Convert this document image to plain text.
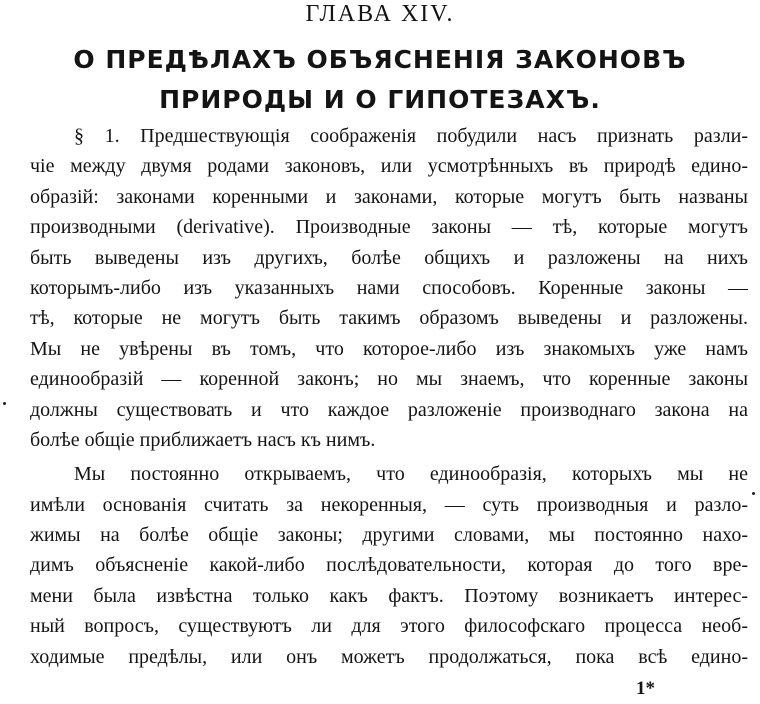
ГЛАВА XIV.
О ПРЕДѢЛАХЪ ОБЪЯСНЕНІЯ ЗАКОНОВЪ
ПРИРОДЫ И О ГИПОТЕЗАХЪ.
§ 1. Предшествующія соображенія побудили насъ признать разли-
чіе между двумя родами законовъ, или усмотрѣнныхъ въ природѣ едино-
образій: законами коренными и законами, которые могутъ быть названы
производными (derivative). Производные законы — тѣ, которые могутъ
быть выведены изъ другихъ, болѣе общихъ и разложены на нихъ
которымъ-либо изъ указанныхъ нами способовъ. Коренные законы —
тѣ, которые не могутъ быть такимъ образомъ выведены и разложены.
Мы не увѣрены въ томъ, что которое-либо изъ знакомыхъ уже намъ
единообразій — коренной законъ; но мы знаемъ, что коренные законы
должны существовать и что каждое разложеніе производнаго закона на
болѣе общіе приближаетъ насъ къ нимъ.
Мы постоянно открываемъ, что единообразія, которыхъ мы не
имѣли основанія считать за некоренныя, — суть производныя и разло-
жимы на болѣе общіе законы; другими словами, мы постоянно нахо-
димъ объясненіе какой-либо послѣдовательности, которая до того вре-
мени была извѣстна только какъ фактъ. Поэтому возникаетъ интерес-
ный вопросъ, существуютъ ли для этого философскаго процесса необ-
ходимые предѣлы, или онъ можетъ продолжаться, пока всѣ едино-
1*
